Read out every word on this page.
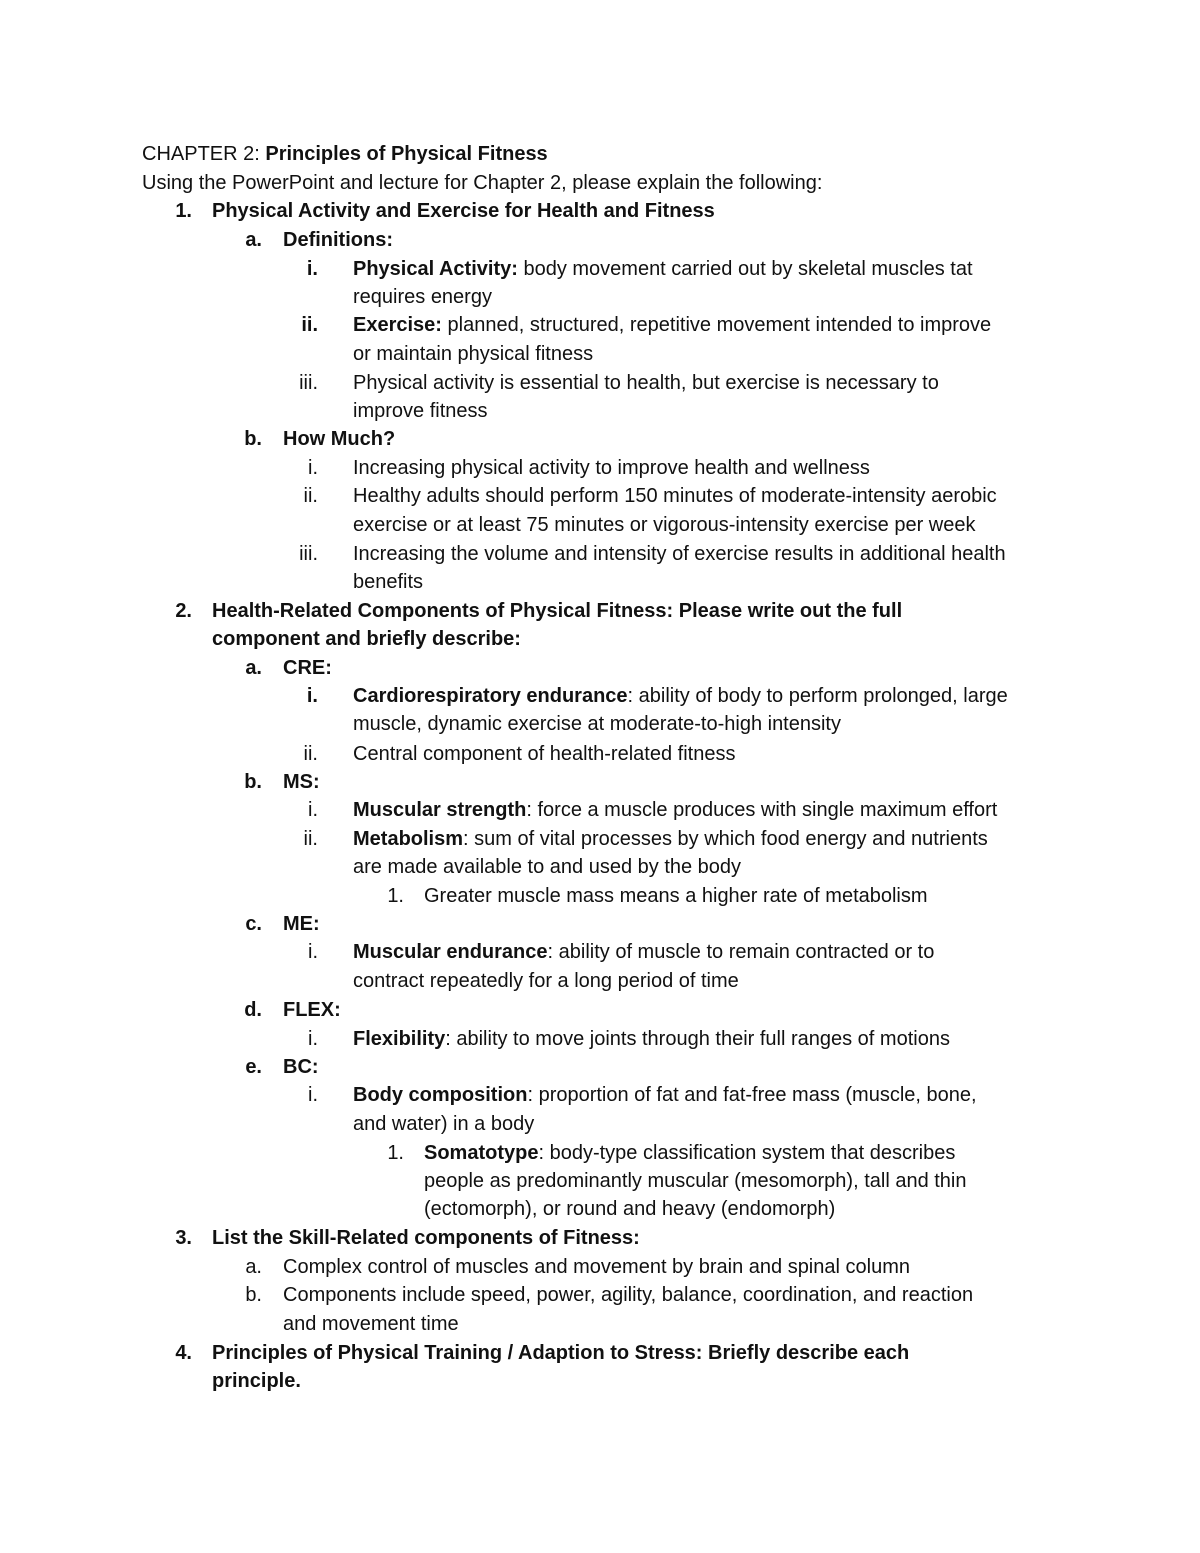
CHAPTER 2: Principles of Physical Fitness
Using the PowerPoint and lecture for Chapter 2, please explain the following:
1. Physical Activity and Exercise for Health and Fitness
a. Definitions:
i. Physical Activity: body movement carried out by skeletal muscles tat
requires energy
ii. Exercise: planned, structured, repetitive movement intended to improve
or maintain physical fitness
iii. Physical activity is essential to health, but exercise is necessary to
improve fitness
b. How Much?
i. Increasing physical activity to improve health and wellness
ii. Healthy adults should perform 150 minutes of moderate-intensity aerobic
exercise or at least 75 minutes or vigorous-intensity exercise per week
iii. Increasing the volume and intensity of exercise results in additional health
benefits
2. Health-Related Components of Physical Fitness: Please write out the full
component and briefly describe:
a. CRE:
i. Cardiorespiratory endurance: ability of body to perform prolonged, large
muscle, dynamic exercise at moderate-to-high intensity
ii. Central component of health-related fitness
b. MS:
i. Muscular strength: force a muscle produces with single maximum effort
ii. Metabolism: sum of vital processes by which food energy and nutrients
are made available to and used by the body
1. Greater muscle mass means a higher rate of metabolism
c. ME:
i. Muscular endurance: ability of muscle to remain contracted or to
contract repeatedly for a long period of time
d. FLEX:
i. Flexibility: ability to move joints through their full ranges of motions
e. BC:
i. Body composition: proportion of fat and fat-free mass (muscle, bone,
and water) in a body
1. Somatotype: body-type classification system that describes
people as predominantly muscular (mesomorph), tall and thin
(ectomorph), or round and heavy (endomorph)
3. List the Skill-Related components of Fitness:
a. Complex control of muscles and movement by brain and spinal column
b. Components include speed, power, agility, balance, coordination, and reaction
and movement time
4. Principles of Physical Training / Adaption to Stress: Briefly describe each
principle.
